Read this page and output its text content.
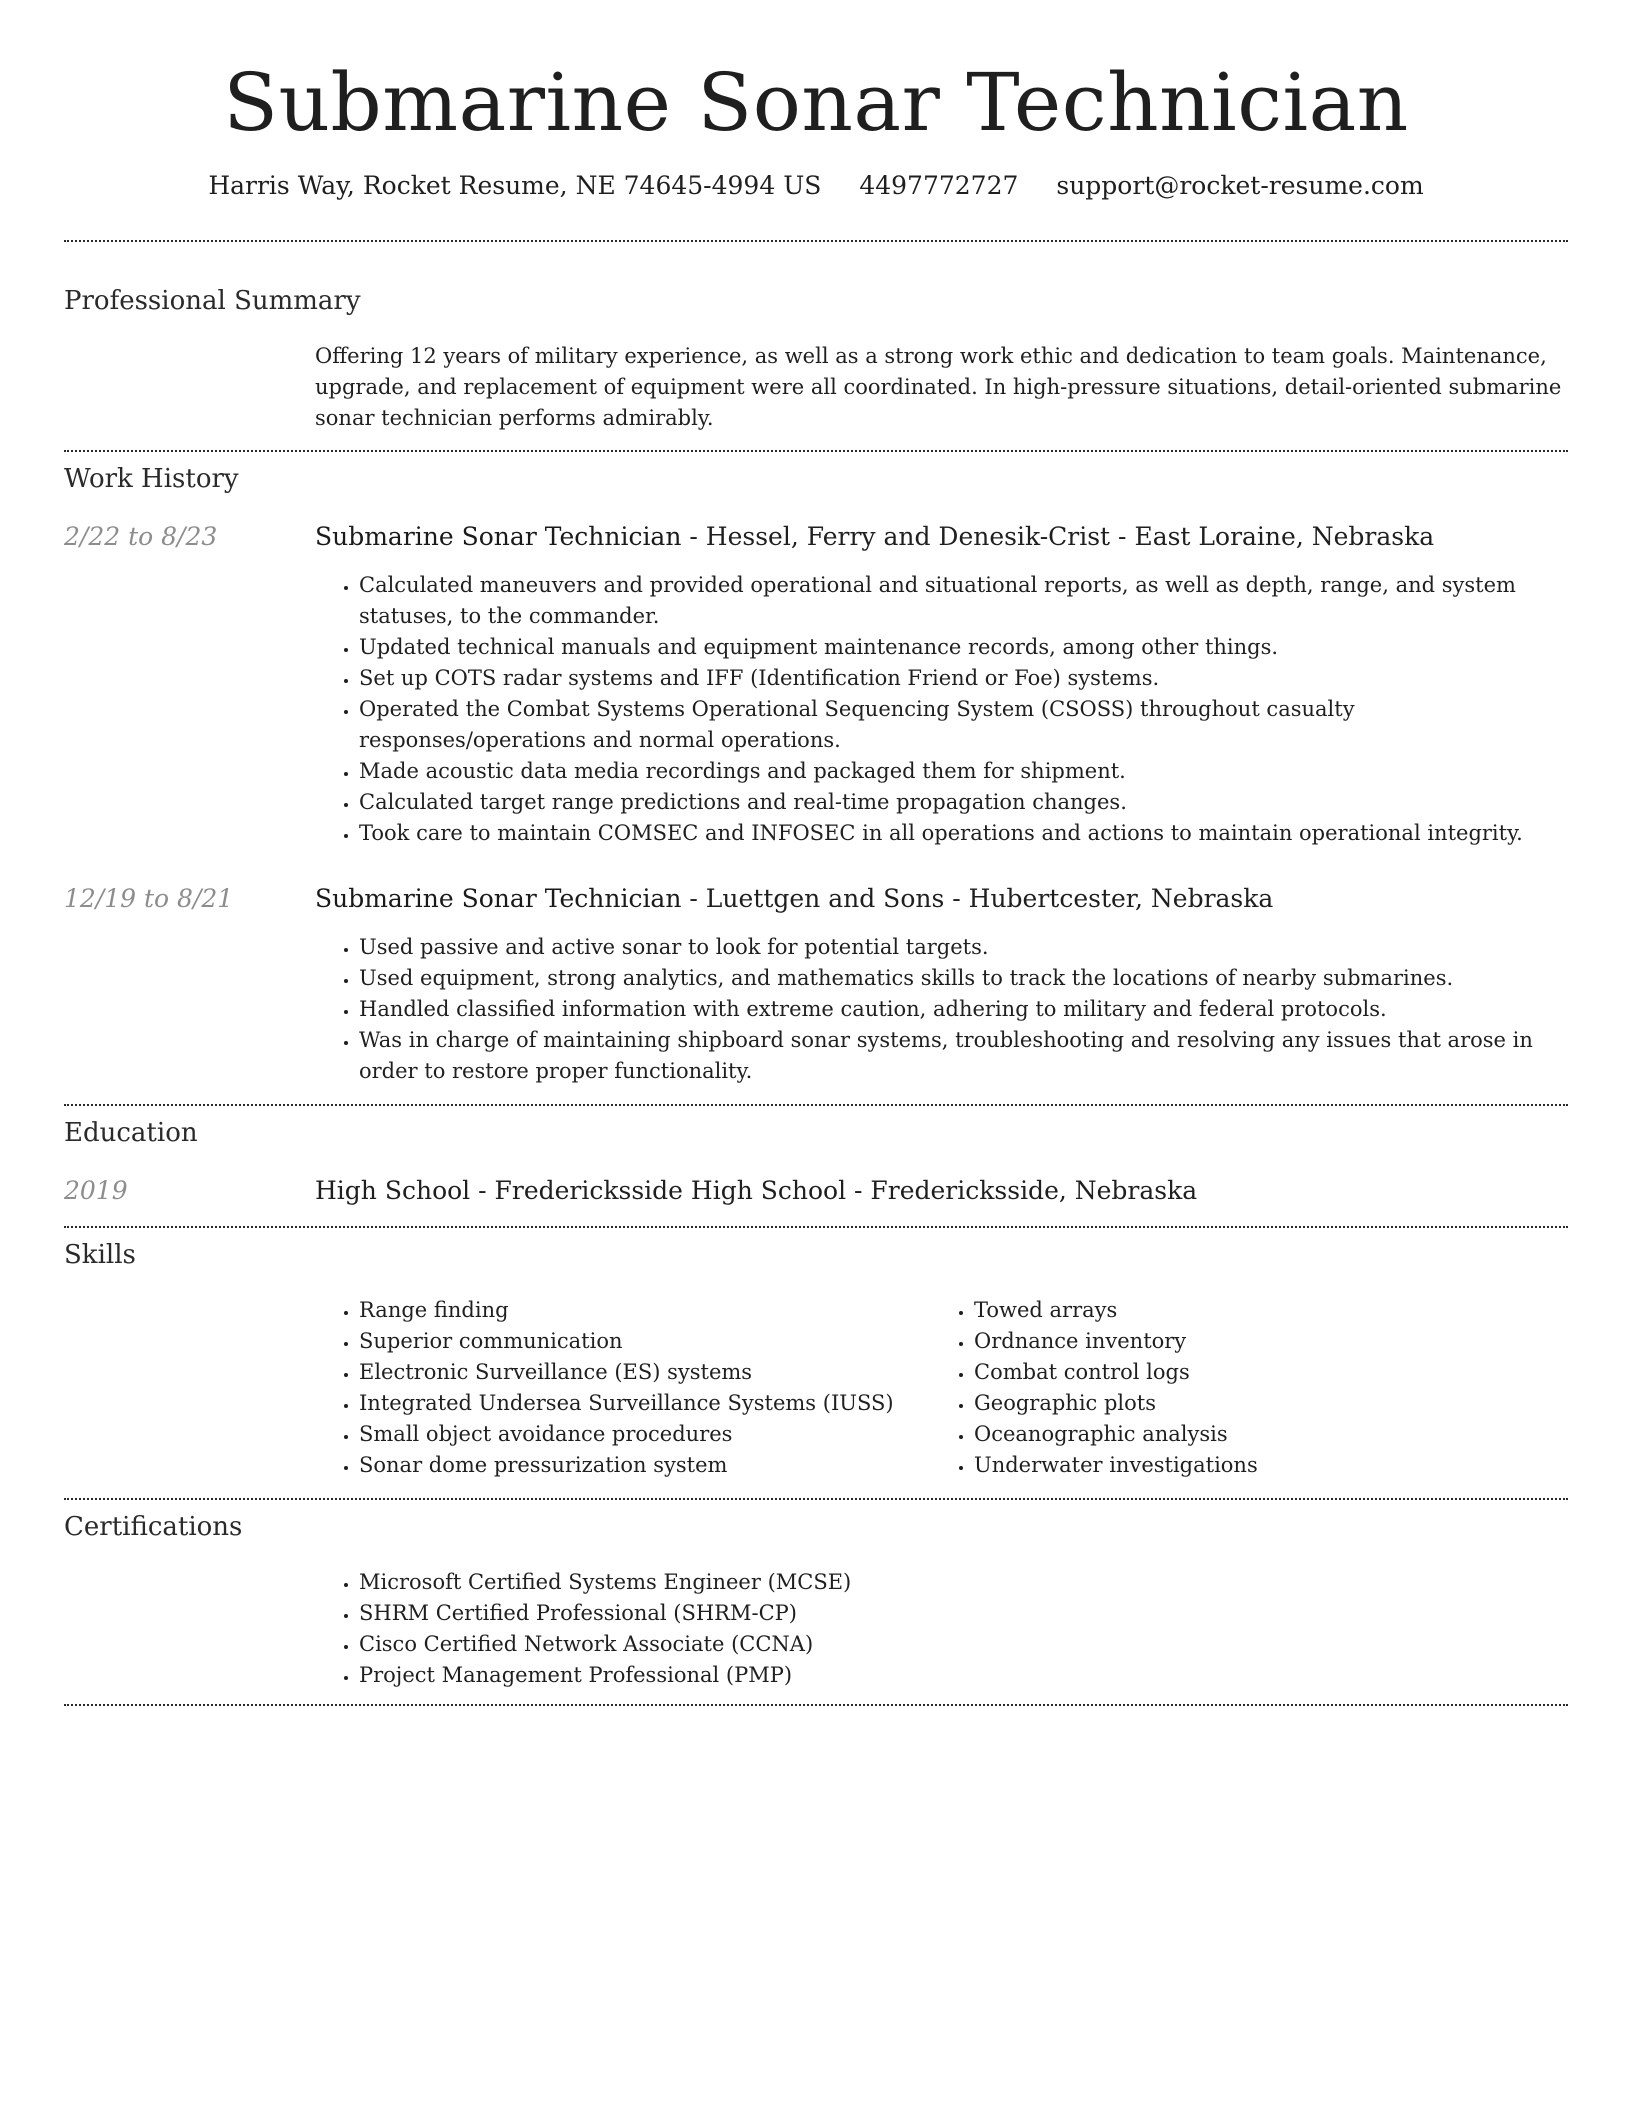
Submarine Sonar Technician
Harris Way, Rocket Resume, NE 74645-4994 US 4497772727 support@rocket-resume.com
Professional Summary

Offering 12 years of military experience, as well as a strong work ethic and dedication to team goals. Maintenance, upgrade, and replacement of equipment were all coordinated. In high-pressure situations, detail-oriented submarine sonar technician performs admirably.

Work History
2/22 to 8/23	Submarine Sonar Technician - Hessel, Ferry and Denesik-Crist - East Loraine, Nebraska
• Calculated maneuvers and provided operational and situational reports, as well as depth, range, and system statuses, to the commander.
• Updated technical manuals and equipment maintenance records, among other things.
• Set up COTS radar systems and IFF (Identification Friend or Foe) systems.
• Operated the Combat Systems Operational Sequencing System (CSOSS) throughout casualty responses/operations and normal operations.
• Made acoustic data media recordings and packaged them for shipment.
• Calculated target range predictions and real-time propagation changes.
• Took care to maintain COMSEC and INFOSEC in all operations and actions to maintain operational integrity.
12/19 to 8/21	Submarine Sonar Technician - Luettgen and Sons - Hubertcester, Nebraska
• Used passive and active sonar to look for potential targets.
• Used equipment, strong analytics, and mathematics skills to track the locations of nearby submarines.
• Handled classified information with extreme caution, adhering to military and federal protocols.
• Was in charge of maintaining shipboard sonar systems, troubleshooting and resolving any issues that arose in order to restore proper functionality.
Education
2019	High School - Fredericksside High School - Fredericksside, Nebraska
Skills
• Range finding
• Superior communication
• Electronic Surveillance (ES) systems
• Integrated Undersea Surveillance Systems (IUSS)
• Small object avoidance procedures
• Sonar dome pressurization system
• Towed arrays
• Ordnance inventory
• Combat control logs
• Geographic plots
• Oceanographic analysis
• Underwater investigations
Certifications
• Microsoft Certified Systems Engineer (MCSE)
• SHRM Certified Professional (SHRM-CP)
• Cisco Certified Network Associate (CCNA)
• Project Management Professional (PMP)
